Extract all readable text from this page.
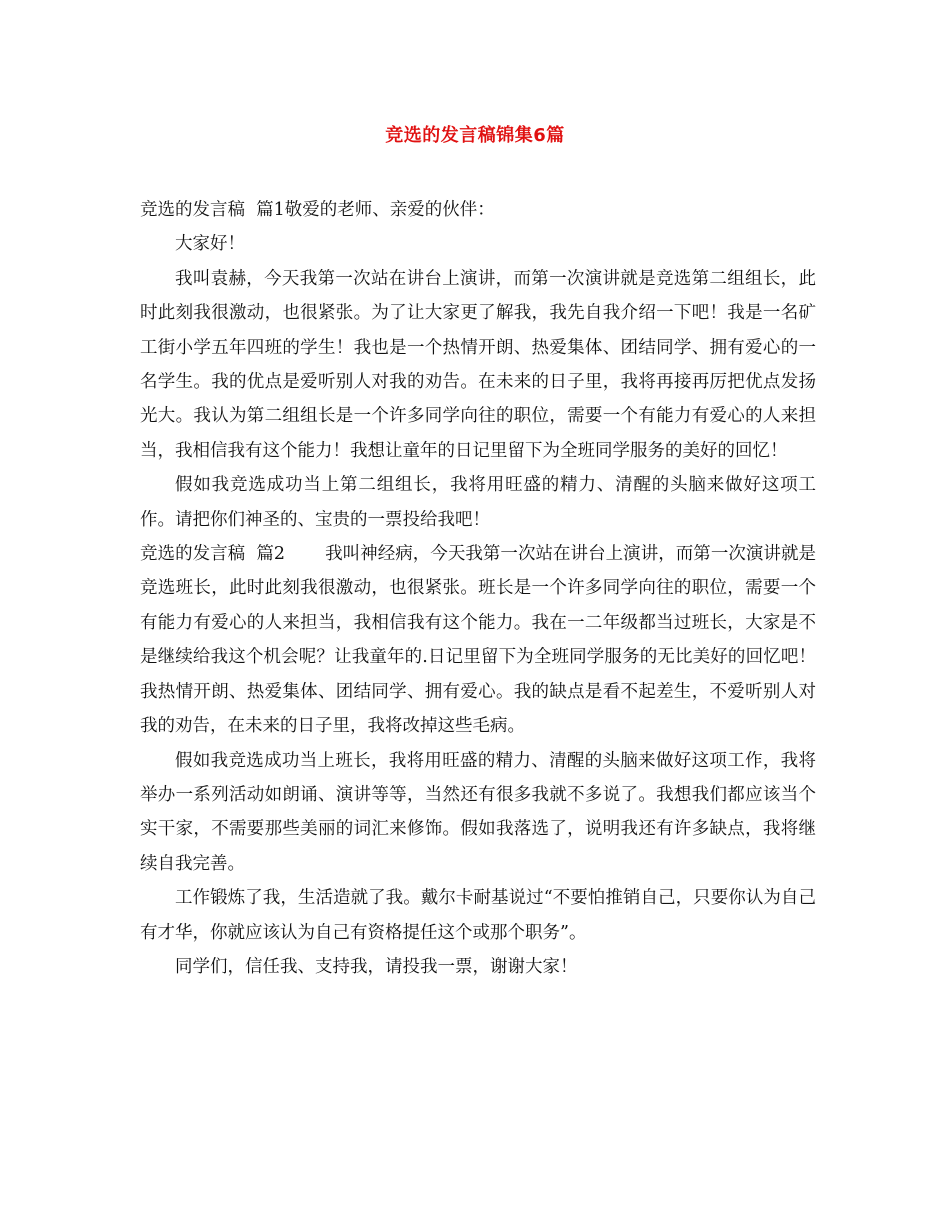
竞选的发言稿锦集6篇

竞选的发言稿  篇1敬爱的老师、亲爱的伙伴：

大家好！

我叫袁赫，今天我第一次站在讲台上演讲，而第一次演讲就是竞选第二组组长，此时此刻我很激动，也很紧张。为了让大家更了解我，我先自我介绍一下吧！我是一名矿工街小学五年四班的学生！我也是一个热情开朗、热爱集体、团结同学、拥有爱心的一名学生。我的优点是爱听别人对我的劝告。在未来的日子里，我将再接再厉把优点发扬光大。我认为第二组组长是一个许多同学向往的职位，需要一个有能力有爱心的人来担当，我相信我有这个能力！我想让童年的日记里留下为全班同学服务的美好的回忆！

假如我竞选成功当上第二组组长，我将用旺盛的精力、清醒的头脑来做好这项工作。请把你们神圣的、宝贵的一票投给我吧！

竞选的发言稿  篇2 我叫神经病，今天我第一次站在讲台上演讲，而第一次演讲就是竞选班长，此时此刻我很激动，也很紧张。班长是一个许多同学向往的职位，需要一个有能力有爱心的人来担当，我相信我有这个能力。我在一二年级都当过班长，大家是不是继续给我这个机会呢？让我童年的.日记里留下为全班同学服务的无比美好的回忆吧！我热情开朗、热爱集体、团结同学、拥有爱心。我的缺点是看不起差生，不爱听别人对我的劝告，在未来的日子里，我将改掉这些毛病。

假如我竞选成功当上班长，我将用旺盛的精力、清醒的头脑来做好这项工作，我将举办一系列活动如朗诵、演讲等等，当然还有很多我就不多说了。我想我们都应该当个实干家，不需要那些美丽的词汇来修饰。假如我落选了，说明我还有许多缺点，我将继续自我完善。

工作锻炼了我，生活造就了我。戴尔卡耐基说过“不要怕推销自己，只要你认为自己有才华，你就应该认为自己有资格提任这个或那个职务”。

同学们，信任我、支持我，请投我一票，谢谢大家！
